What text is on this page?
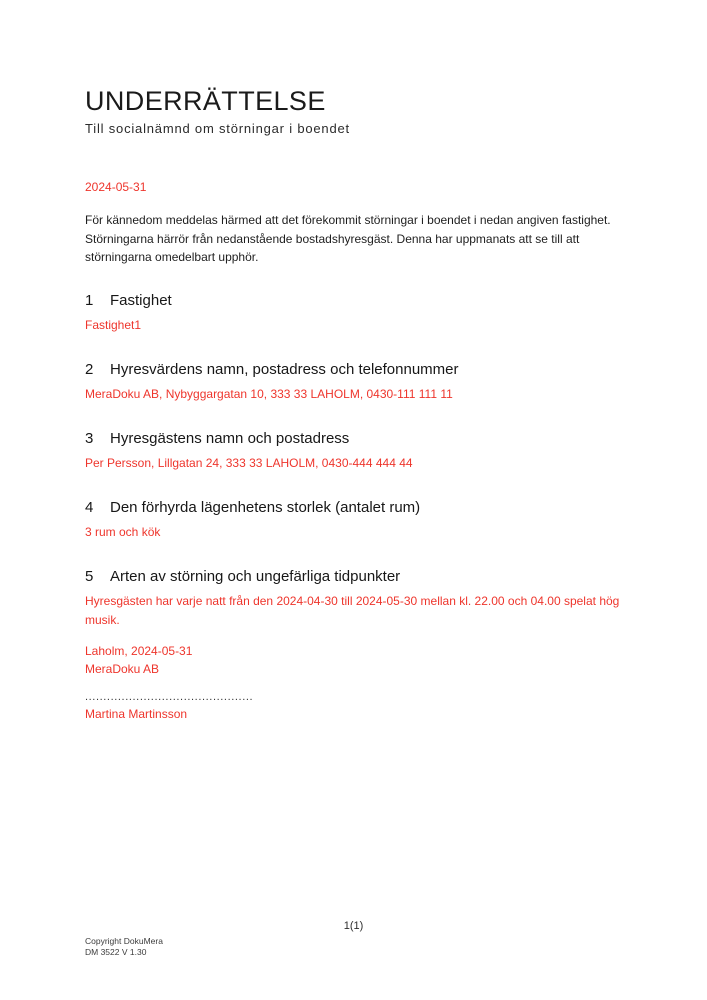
UNDERRÄTTELSE
Till socialnämnd om störningar i boendet
2024-05-31

För kännedom meddelas härmed att det förekommit störningar i boendet i nedan angiven fastighet. Störningarna härrör från nedanstående bostadshyresgäst. Denna har uppmanats att se till att störningarna omedelbart upphör.

1 Fastighet
Fastighet1
2 Hyresvärdens namn, postadress och telefonnummer
MeraDoku AB, Nybyggargatan 10, 333 33 LAHOLM, 0430-111 111 11
3 Hyresgästens namn och postadress
Per Persson, Lillgatan 24, 333 33 LAHOLM, 0430-444 444 44
4 Den förhyrda lägenhetens storlek (antalet rum)
3 rum och kök
5 Arten av störning och ungefärliga tidpunkter
Hyresgästen har varje natt från den 2024-04-30 till 2024-05-30 mellan kl. 22.00 och 04.00 spelat hög musik.
Laholm, 2024-05-31
MeraDoku AB
..............................................
Martina Martinsson
1(1)
Copyright DokuMera
DM 3522 V 1.30
